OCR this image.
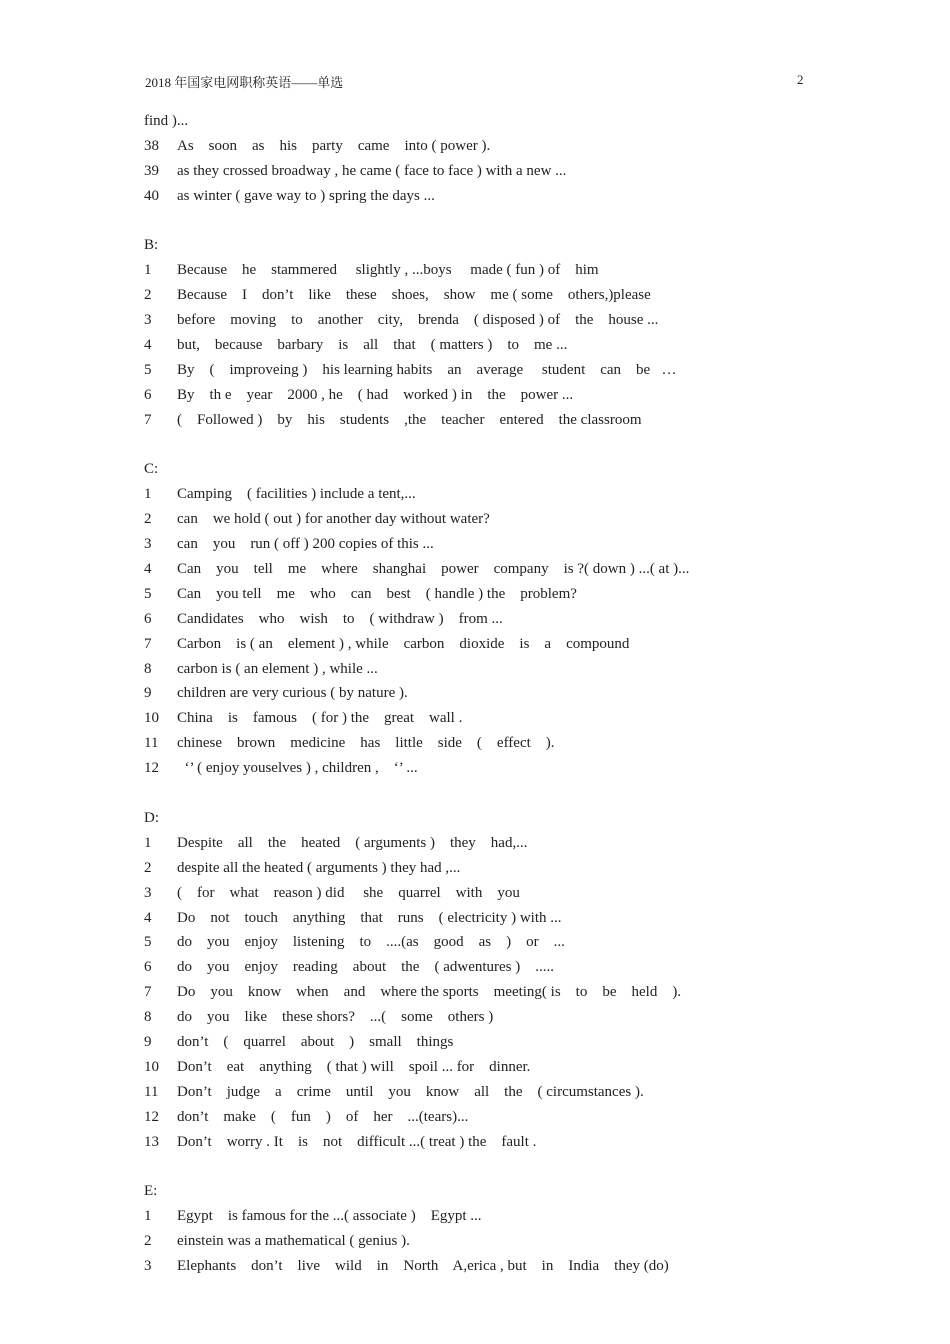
2018 年国家电网职称英语——单选	2
find )...
38	As    soon    as    his    party    came    into ( power ).
39	as they crossed broadway , he came ( face to face ) with a new ...
40	as winter ( gave way to ) spring the days ...
B:
1	Because    he    stammered     slightly , ...boys     made ( fun ) of    him
2	Because    I    don’t    like    these    shoes,    show    me ( some    others,)please
3	before    moving    to    another    city,    brenda    ( disposed ) of    the    house ...
4	but,    because    barbary    is    all    that    ( matters )    to    me ...
5	By    (    improveing )    his learning habits    an    average     student    can    be   …
6	By    th e    year    2000 , he    ( had    worked ) in    the    power ...
7	(    Followed )    by    his    students    ,the    teacher    entered    the classroom
C:
1	Camping    ( facilities ) include a tent,...
2	can    we hold ( out ) for another day without water?
3	can    you    run ( off ) 200 copies of this ...
4	Can    you    tell    me    where    shanghai    power    company    is ?( down ) ...( at )...
5	Can    you tell    me    who    can    best    ( handle ) the    problem?
6	Candidates    who    wish    to    ( withdraw )    from ...
7	Carbon    is ( an    element ) , while    carbon    dioxide    is    a    compound
8	carbon is ( an element ) , while ...
9	children are very curious ( by nature ).
10	China    is    famous    ( for ) the    great    wall .
11	chinese    brown    medicine    has    little    side    (    effect    ).
12	‘’ ( enjoy youselves ) , children ,    ‘’ ...
D:
1	Despite    all    the    heated    ( arguments )    they    had,...
2	despite all the heated ( arguments ) they had ,...
3	(    for    what    reason ) did     she    quarrel    with    you
4	Do    not    touch    anything    that    runs    ( electricity ) with ...
5	do    you    enjoy    listening    to    ....(as    good    as    )    or    ...
6	do    you    enjoy    reading    about    the    ( adwentures )    .....
7	Do    you    know    when    and    where the sports    meeting( is    to    be    held    ).
8	do    you    like    these shors?    ...(    some    others )
9	don’t    (    quarrel    about    )    small    things
10	Don’t    eat    anything    ( that ) will    spoil ... for    dinner.
11	Don’t    judge    a    crime    until    you    know    all    the    ( circumstances ).
12	don’t    make    (    fun    )    of    her    ...(tears)...
13	Don’t    worry . It    is    not    difficult ...( treat ) the    fault .
E:
1	Egypt    is famous for the ...( associate )    Egypt ...
2	einstein was a mathematical ( genius ).
3	Elephants    don’t    live    wild    in    North    A,erica , but    in    India    they (do)
